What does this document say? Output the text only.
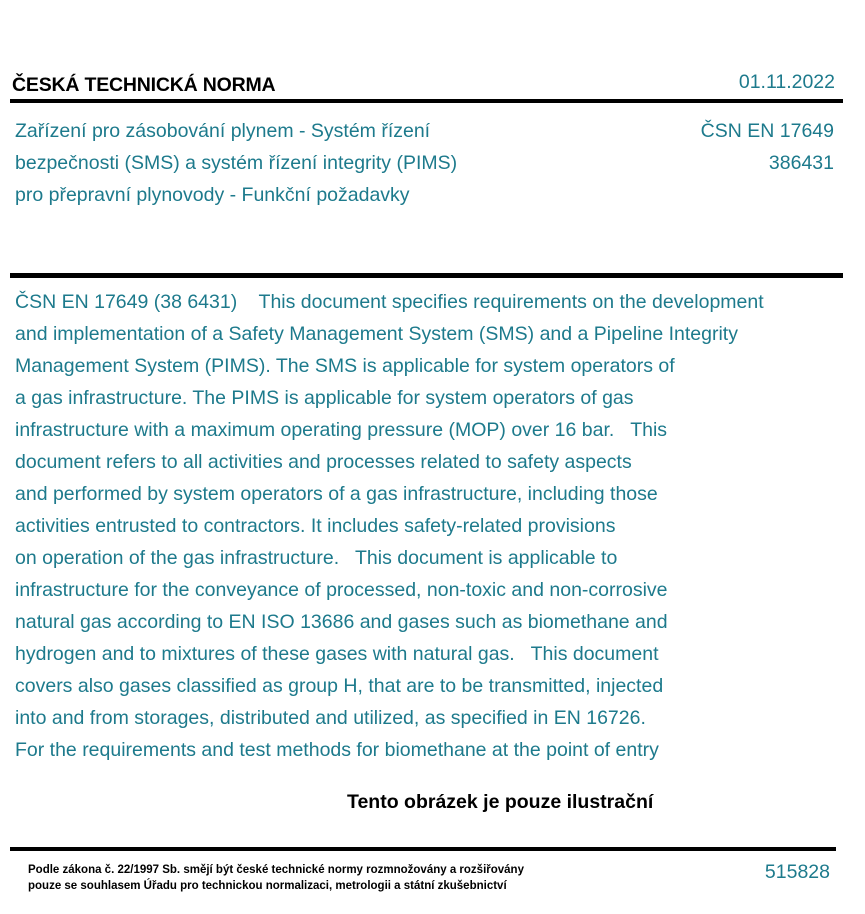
ČESKÁ TECHNICKÁ NORMA	01.11.2022
Zařízení pro zásobování plynem - Systém řízení
bezpečnosti (SMS) a systém řízení integrity (PIMS)
pro přepravní plynovody - Funkční požadavky
ČSN EN 17649
386431
ČSN EN 17649 (38 6431)    This document specifies requirements on the development
and implementation of a Safety Management System (SMS) and a Pipeline Integrity
Management System (PIMS). The SMS is applicable for system operators of
a gas infrastructure. The PIMS is applicable for system operators of gas
infrastructure with a maximum operating pressure (MOP) over 16 bar.   This
document refers to all activities and processes related to safety aspects
and performed by system operators of a gas infrastructure, including those
activities entrusted to contractors. It includes safety-related provisions
on operation of the gas infrastructure.   This document is applicable to
infrastructure for the conveyance of processed, non-toxic and non-corrosive
natural gas according to EN ISO 13686 and gases such as biomethane and
hydrogen and to mixtures of these gases with natural gas.   This document
covers also gases classified as group H, that are to be transmitted, injected
into and from storages, distributed and utilized, as specified in EN 16726.
For the requirements and test methods for biomethane at the point of entry
Tento obrázek je pouze ilustrační
Podle zákona č. 22/1997 Sb. smějí být české technické normy rozmnožovány a rozšiřovány
pouze se souhlasem Úřadu pro technickou normalizaci, metrologii a státní zkušebnictví
515828
